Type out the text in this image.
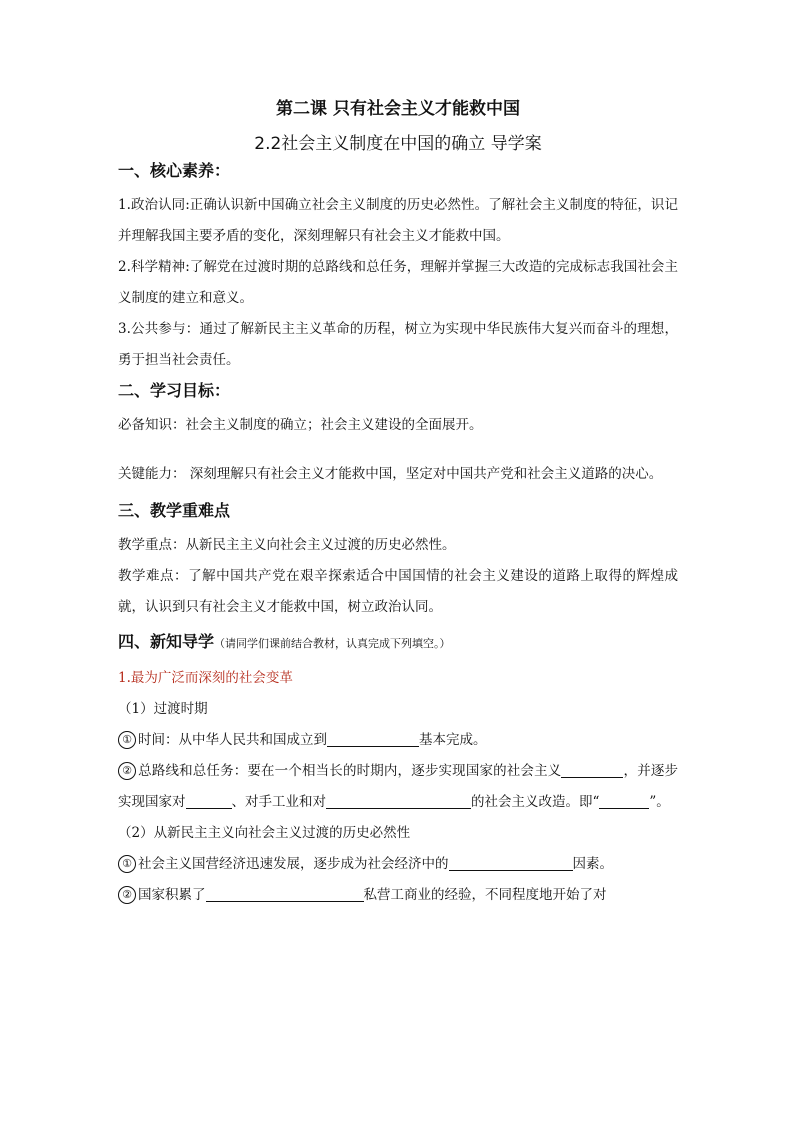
第二课 只有社会主义才能救中国
2.2社会主义制度在中国的确立 导学案
一、核心素养：

1.政治认同:正确认识新中国确立社会主义制度的历史必然性。了解社会主义制度的特征，识记并理解我国主要矛盾的变化，深刻理解只有社会主义才能救中国。

2.科学精神:了解党在过渡时期的总路线和总任务，理解并掌握三大改造的完成标志我国社会主义制度的建立和意义。

3.公共参与：通过了解新民主主义革命的历程，树立为实现中华民族伟大复兴而奋斗的理想，勇于担当社会责任。

二、学习目标：

必备知识：社会主义制度的确立；社会主义建设的全面展开。

关键能力： 深刻理解只有社会主义才能救中国，坚定对中国共产党和社会主义道路的决心。

三、教学重难点

教学重点：从新民主主义向社会主义过渡的历史必然性。

教学难点：了解中国共产党在艰辛探索适合中国国情的社会主义建设的道路上取得的辉煌成就，认识到只有社会主义才能救中国，树立政治认同。

四、新知导学（请同学们课前结合教材，认真完成下列填空。）

1.最为广泛而深刻的社会变革

（1）过渡时期

① 时间：从中华人民共和国成立到	基本完成。

② 总路线和总任务：要在一个相当长的时期内，逐步实现国家的社会主义	，并逐步实现国家对	、对手工业和对	的社会主义改造。即“	”。

（2）从新民主主义向社会主义过渡的历史必然性

① 社会主义国营经济迅速发展，逐步成为社会经济中的	因素。

② 国家积累了	私营工商业的经验，不同程度地开始了对
